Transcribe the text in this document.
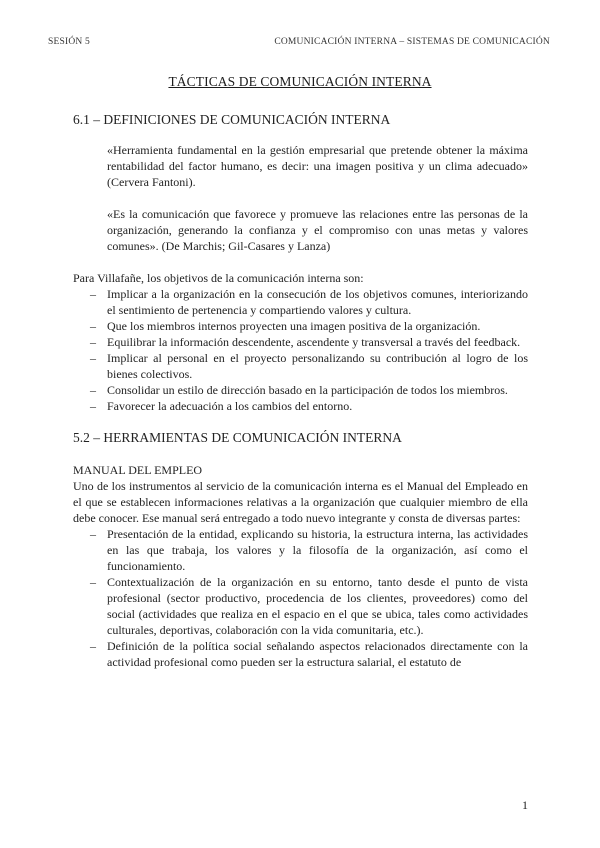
SESIÓN 5	COMUNICACIÓN INTERNA – SISTEMAS DE COMUNICACIÓN
TÁCTICAS DE COMUNICACIÓN INTERNA
6.1 – DEFINICIONES DE COMUNICACIÓN INTERNA
«Herramienta fundamental en la gestión empresarial que pretende obtener la máxima rentabilidad del factor humano, es decir: una imagen positiva y un clima adecuado» (Cervera Fantoni).
«Es la comunicación que favorece y promueve las relaciones entre las personas de la organización, generando la confianza y el compromiso con unas metas y valores comunes». (De Marchis; Gil-Casares y Lanza)
Para Villafañe, los objetivos de la comunicación interna son:
– Implicar a la organización en la consecución de los objetivos comunes, interiorizando el sentimiento de pertenencia y compartiendo valores y cultura.
– Que los miembros internos proyecten una imagen positiva de la organización.
– Equilibrar la información descendente, ascendente y transversal a través del feedback.
– Implicar al personal en el proyecto personalizando su contribución al logro de los bienes colectivos.
– Consolidar un estilo de dirección basado en la participación de todos los miembros.
– Favorecer la adecuación a los cambios del entorno.
5.2 – HERRAMIENTAS DE COMUNICACIÓN INTERNA
MANUAL DEL EMPLEO
Uno de los instrumentos al servicio de la comunicación interna es el Manual del Empleado en el que se establecen informaciones relativas a la organización que cualquier miembro de ella debe conocer. Ese manual será entregado a todo nuevo integrante y consta de diversas partes:
– Presentación de la entidad, explicando su historia, la estructura interna, las actividades en las que trabaja, los valores y la filosofía de la organización, así como el funcionamiento.
– Contextualización de la organización en su entorno, tanto desde el punto de vista profesional (sector productivo, procedencia de los clientes, proveedores) como del social (actividades que realiza en el espacio en el que se ubica, tales como actividades culturales, deportivas, colaboración con la vida comunitaria, etc.).
– Definición de la política social señalando aspectos relacionados directamente con la actividad profesional como pueden ser la estructura salarial, el estatuto de
1
